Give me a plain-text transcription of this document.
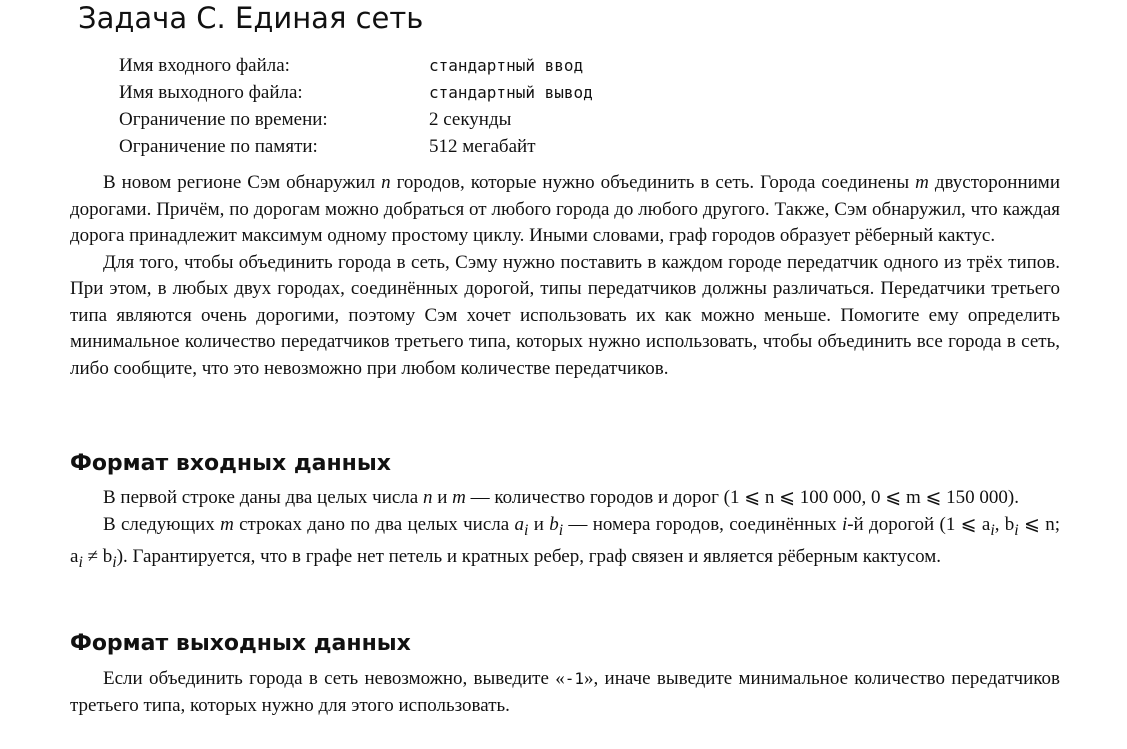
Задача C. Единая сеть
Имя входного файла:	стандартный ввод
Имя выходного файла:	стандартный вывод
Ограничение по времени:	2 секунды
Ограничение по памяти:	512 мегабайт

В новом регионе Сэм обнаружил n городов, которые нужно объединить в сеть. Города соединены m двусторонними дорогами. Причём, по дорогам можно добраться от любого города до любого другого. Также, Сэм обнаружил, что каждая дорога принадлежит максимум одному простому циклу. Иными словами, граф городов образует рёберный кактус.

Для того, чтобы объединить города в сеть, Сэму нужно поставить в каждом городе передатчик одного из трёх типов. При этом, в любых двух городах, соединённых дорогой, типы передатчиков должны различаться. Передатчики третьего типа являются очень дорогими, поэтому Сэм хочет использовать их как можно меньше. Помогите ему определить минимальное количество передатчиков третьего типа, которых нужно использовать, чтобы объединить все города в сеть, либо сообщите, что это невозможно при любом количестве передатчиков.

Формат входных данных

В первой строке даны два целых числа n и m — количество городов и дорог (1 ⩽ n ⩽ 100 000, 0 ⩽ m ⩽ 150 000).

В следующих m строках дано по два целых числа $a_i$ и $b_i$ — номера городов, соединённых i-й дорогой (1 ⩽ $a_i$, $b_i$ ⩽ n; $a_i \ne b_i$). Гарантируется, что в графе нет петель и кратных ребер, граф связен и является рёберным кактусом.

Формат выходных данных

Если объединить города в сеть невозможно, выведите «-1», иначе выведите минимальное количество передатчиков третьего типа, которых нужно для этого использовать.
